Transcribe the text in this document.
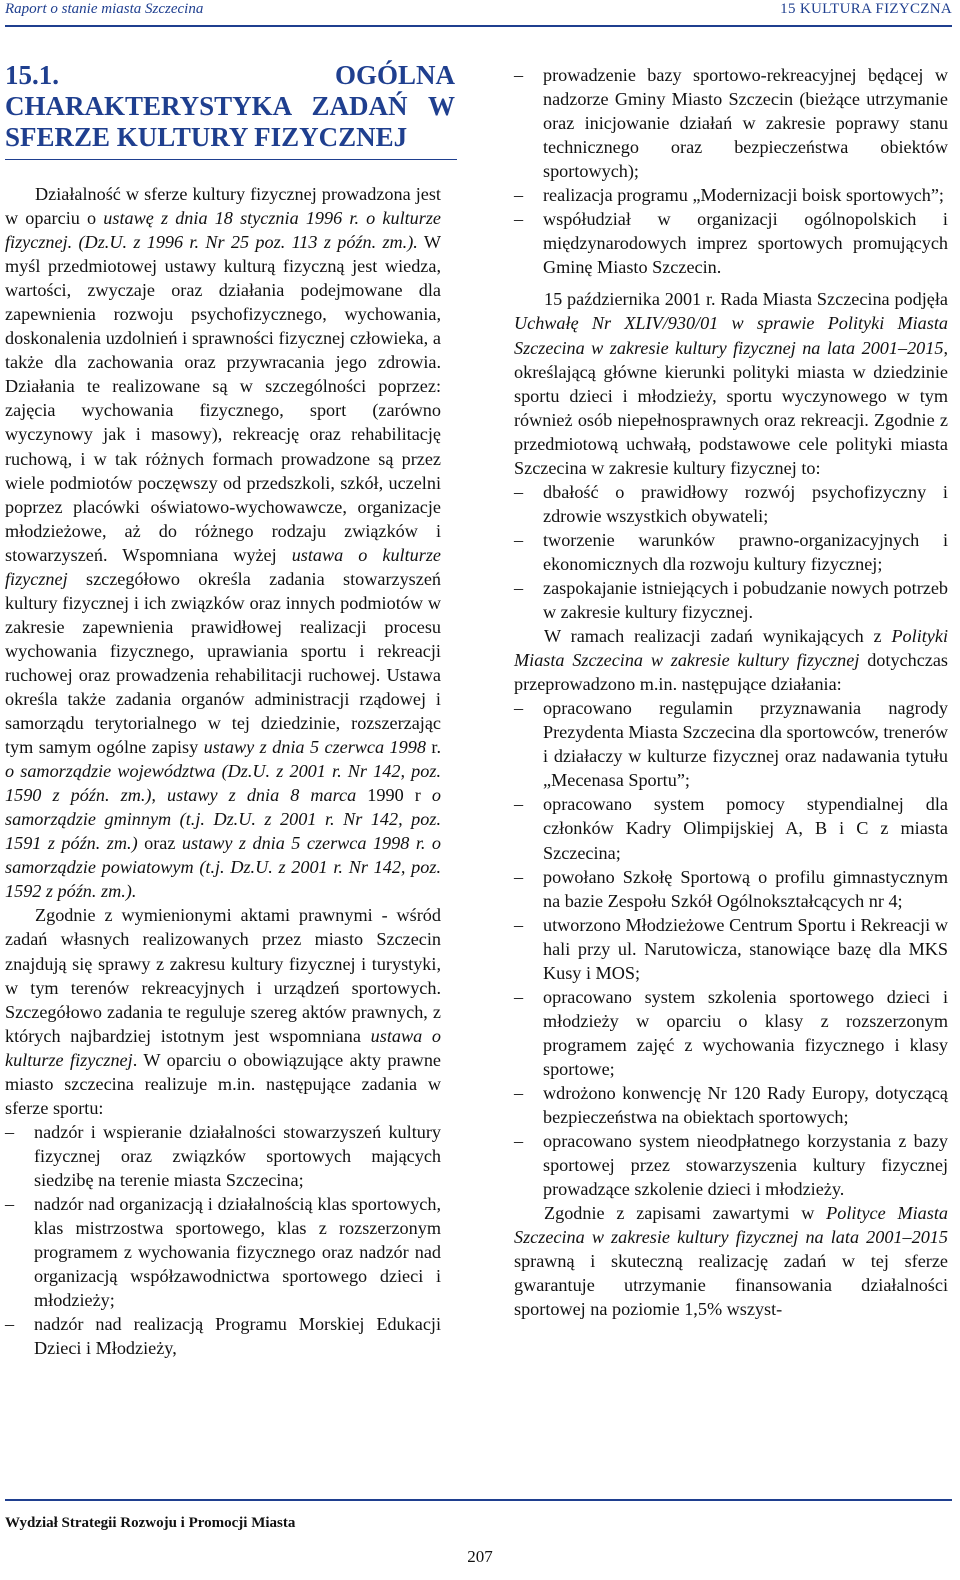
Raport o stanie miasta Szczecina	15 KULTURA FIZYCZNA
15.1. OGÓLNA CHARAKTERYSTYKA ZADAŃ W SFERZE KULTURY FIZYCZNEJ

Działalność w sferze kultury fizycznej prowadzona jest w oparciu o ustawę z dnia 18 stycznia 1996 r. o kulturze fizycznej. (Dz.U. z 1996 r. Nr 25 poz. 113 z późn. zm.). W myśl przedmiotowej ustawy kulturą fizyczną jest wiedza, wartości, zwyczaje oraz działania podejmowane dla zapewnienia rozwoju psychofizycznego, wychowania, doskonalenia uzdolnień i sprawności fizycznej człowieka, a także dla zachowania oraz przywracania jego zdrowia. Działania te realizowane są w szczególności poprzez: zajęcia wychowania fizycznego, sport (zarówno wyczynowy jak i masowy), rekreację oraz rehabilitację ruchową, i w tak różnych formach prowadzone są przez wiele podmiotów poczęwszy od przedszkoli, szkół, uczelni poprzez placówki oświatowo-wychowawcze, organizacje młodzieżowe, aż do różnego rodzaju związków i stowarzyszeń. Wspomniana wyżej ustawa o kulturze fizycznej szczegółowo określa zadania stowarzyszeń kultury fizycznej i ich związków oraz innych podmiotów w zakresie zapewnienia prawidłowej realizacji procesu wychowania fizycznego, uprawiania sportu i rekreacji ruchowej oraz prowadzenia rehabilitacji ruchowej. Ustawa określa także zadania organów administracji rządowej i samorządu terytorialnego w tej dziedzinie, rozszerzając tym samym ogólne zapisy ustawy z dnia 5 czerwca 1998 r. o samorządzie województwa (Dz.U. z 2001 r. Nr 142, poz. 1590 z późn. zm.), ustawy z dnia 8 marca 1990 r o samorządzie gminnym (t.j. Dz.U. z 2001 r. Nr 142, poz. 1591 z późn. zm.) oraz ustawy z dnia 5 czerwca 1998 r. o samorządzie powiatowym (t.j. Dz.U. z 2001 r. Nr 142, poz. 1592 z późn. zm.).

Zgodnie z wymienionymi aktami prawnymi - wśród zadań własnych realizowanych przez miasto Szczecin znajdują się sprawy z zakresu kultury fizycznej i turystyki, w tym terenów rekreacyjnych i urządzeń sportowych. Szczegółowo zadania te reguluje szereg aktów prawnych, z których najbardziej istotnym jest wspomniana ustawa o kulturze fizycznej. W oparciu o obowiązujące akty prawne miasto szczecina realizuje m.in. następujące zadania w sferze sportu:

– nadzór i wspieranie działalności stowarzyszeń kultury fizycznej oraz związków sportowych mających siedzibę na terenie miasta Szczecina;
– nadzór nad organizacją i działalnością klas sportowych, klas mistrzostwa sportowego, klas z rozszerzonym programem z wychowania fizycznego oraz nadzór nad organizacją współzawodnictwa sportowego dzieci i młodzieży;
– nadzór nad realizacją Programu Morskiej Edukacji Dzieci i Młodzieży,
– prowadzenie bazy sportowo-rekreacyjnej będącej w nadzorze Gminy Miasto Szczecin (bieżące utrzymanie oraz inicjowanie działań w zakresie poprawy stanu technicznego oraz bezpieczeństwa obiektów sportowych);
– realizacja programu „Modernizacji boisk sportowych”;
– współudział w organizacji ogólnopolskich i międzynarodowych imprez sportowych promujących Gminę Miasto Szczecin.

15 października 2001 r. Rada Miasta Szczecina podjęła Uchwałę Nr XLIV/930/01 w sprawie Polityki Miasta Szczecina w zakresie kultury fizycznej na lata 2001–2015, określającą główne kierunki polityki miasta w dziedzinie sportu dzieci i młodzieży, sportu wyczynowego w tym również osób niepełnosprawnych oraz rekreacji. Zgodnie z przedmiotową uchwałą, podstawowe cele polityki miasta Szczecina w zakresie kultury fizycznej to:

– dbałość o prawidłowy rozwój psychofizyczny i zdrowie wszystkich obywateli;
– tworzenie warunków prawno-organizacyjnych i ekonomicznych dla rozwoju kultury fizycznej;
– zaspokajanie istniejących i pobudzanie nowych potrzeb w zakresie kultury fizycznej.

W ramach realizacji zadań wynikających z Polityki Miasta Szczecina w zakresie kultury fizycznej dotychczas przeprowadzono m.in. następujące działania:

– opracowano regulamin przyznawania nagrody Prezydenta Miasta Szczecina dla sportowców, trenerów i działaczy w kulturze fizycznej oraz nadawania tytułu „Mecenasa Sportu”;
– opracowano system pomocy stypendialnej dla członków Kadry Olimpijskiej A, B i C z miasta Szczecina;
– powołano Szkołę Sportową o profilu gimnastycznym na bazie Zespołu Szkół Ogólnokształcących nr 4;
– utworzono Młodzieżowe Centrum Sportu i Rekreacji w hali przy ul. Narutowicza, stanowiące bazę dla MKS Kusy i MOS;
– opracowano system szkolenia sportowego dzieci i młodzieży w oparciu o klasy z rozszerzonym programem zajęć z wychowania fizycznego i klasy sportowe;
– wdrożono konwencję Nr 120 Rady Europy, dotyczącą bezpieczeństwa na obiektach sportowych;
– opracowano system nieodpłatnego korzystania z bazy sportowej przez stowarzyszenia kultury fizycznej prowadzące szkolenie dzieci i młodzieży.

Zgodnie z zapisami zawartymi w Polityce Miasta Szczecina w zakresie kultury fizycznej na lata 2001–2015 sprawną i skuteczną realizację zadań w tej sferze gwarantuje utrzymanie finansowania działalności sportowej na poziomie 1,5% wszyst-

Wydział Strategii Rozwoju i Promocji Miasta
207
